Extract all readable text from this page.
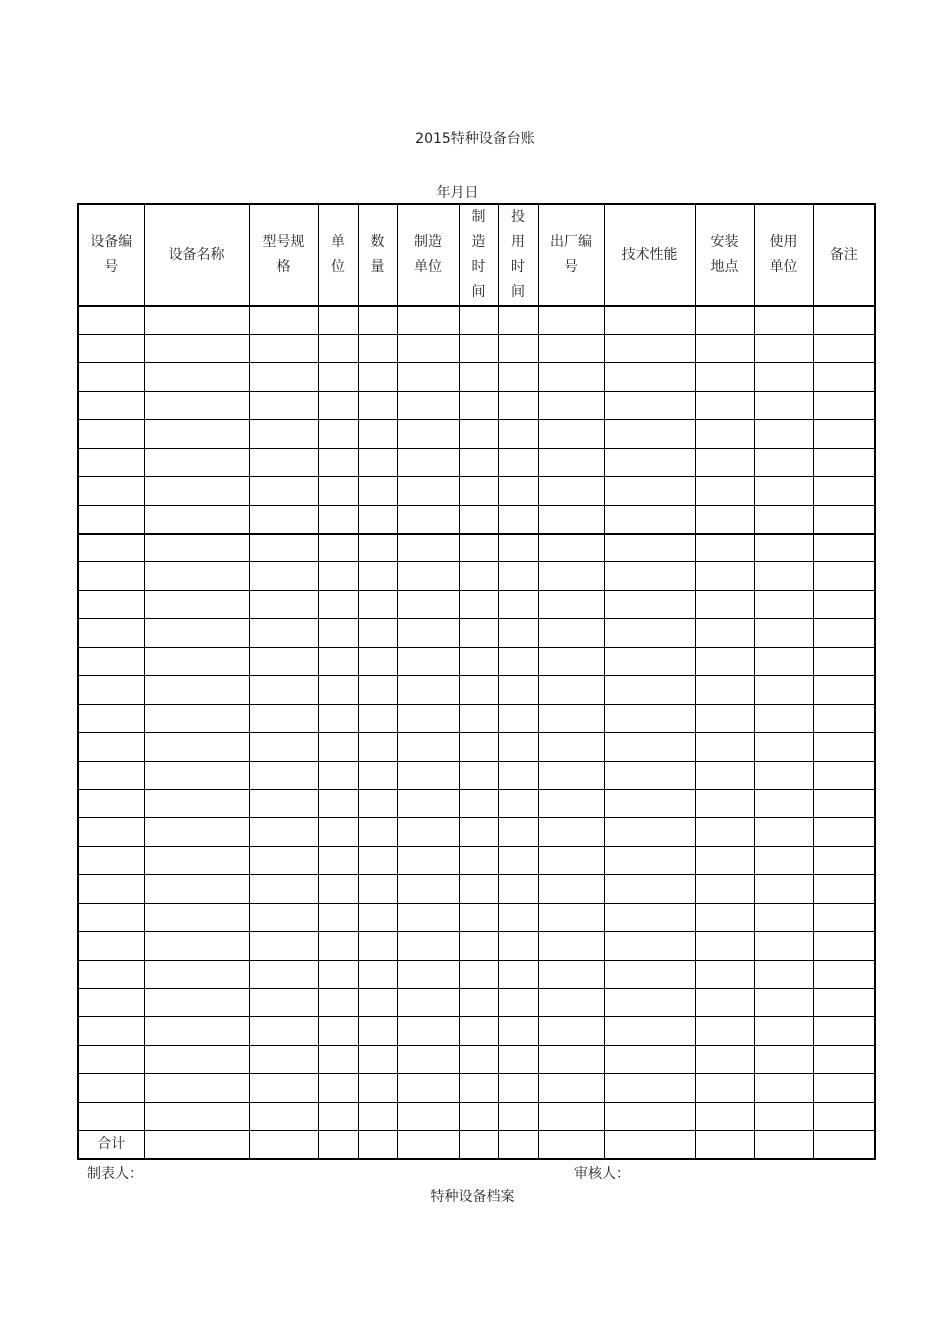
2015特种设备台账
年月日
设备编号	设备名称	型号规格	单位	数量	制造单位	制造时间	投用时间	出厂编号	技术性能	安装地点	使用单位	备注

合计												
制表人：	审核人：
特种设备档案
